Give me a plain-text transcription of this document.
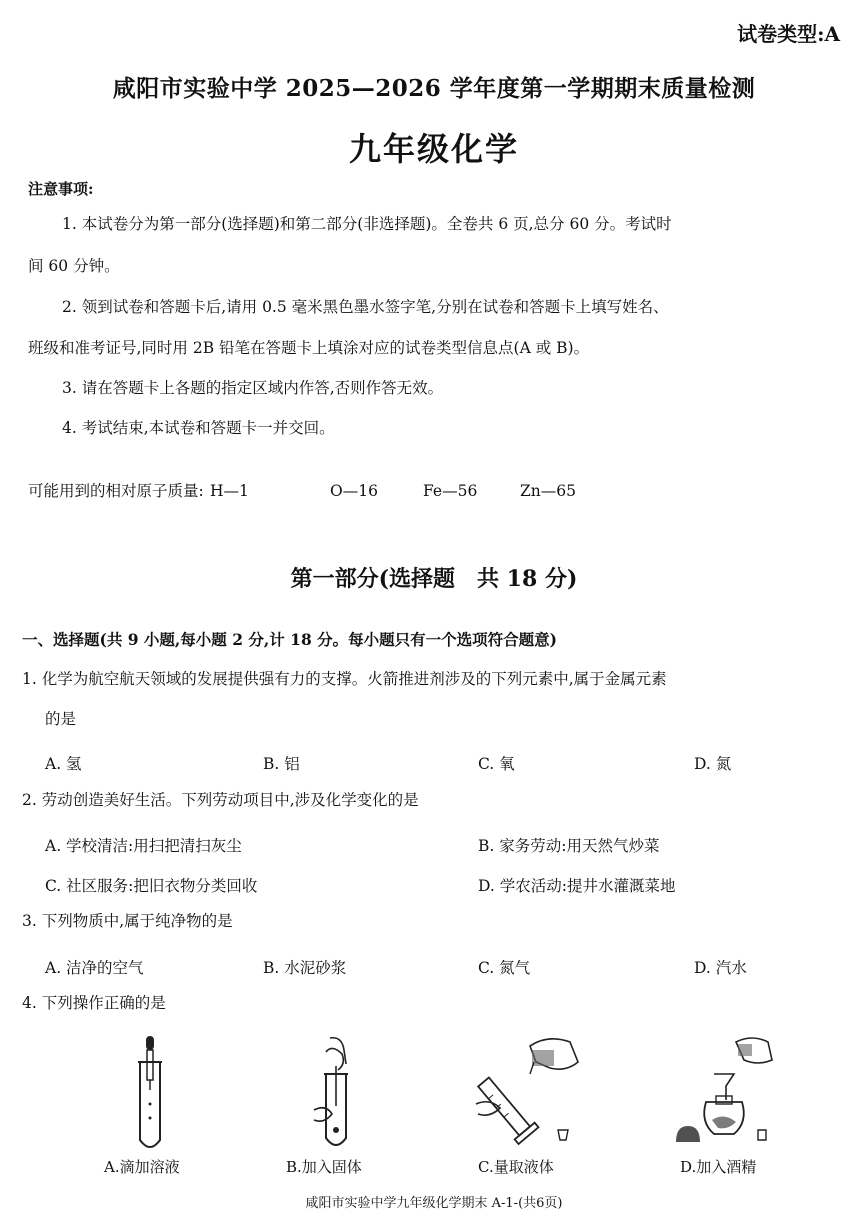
试卷类型:A
咸阳市实验中学 2025—2026 学年度第一学期期末质量检测
九年级化学
注意事项:
1. 本试卷分为第一部分(选择题)和第二部分(非选择题)。全卷共 6 页,总分 60 分。考试时
间 60 分钟。
2. 领到试卷和答题卡后,请用 0.5 毫米黑色墨水签字笔,分别在试卷和答题卡上填写姓名、
班级和准考证号,同时用 2B 铅笔在答题卡上填涂对应的试卷类型信息点(A 或 B)。
3. 请在答题卡上各题的指定区域内作答,否则作答无效。
4. 考试结束,本试卷和答题卡一并交回。
可能用到的相对原子质量: H—1	O—16	Fe—56	Zn—65
第一部分(选择题　共 18 分)
一、选择题(共 9 小题,每小题 2 分,计 18 分。每小题只有一个选项符合题意)
1. 化学为航空航天领域的发展提供强有力的支撑。火箭推进剂涉及的下列元素中,属于金属元素
的是
A. 氢	B. 铝	C. 氧	D. 氮
2. 劳动创造美好生活。下列劳动项目中,涉及化学变化的是
A. 学校清洁:用扫把清扫灰尘	B. 家务劳动:用天然气炒菜
C. 社区服务:把旧衣物分类回收	D. 学农活动:提井水灌溉菜地
3. 下列物质中,属于纯净物的是
A. 洁净的空气	B. 水泥砂浆	C. 氮气	D. 汽水
4. 下列操作正确的是
A.滴加溶液	B.加入固体	C.量取液体	D.加入酒精
咸阳市实验中学九年级化学期末 A-1-(共6页)
